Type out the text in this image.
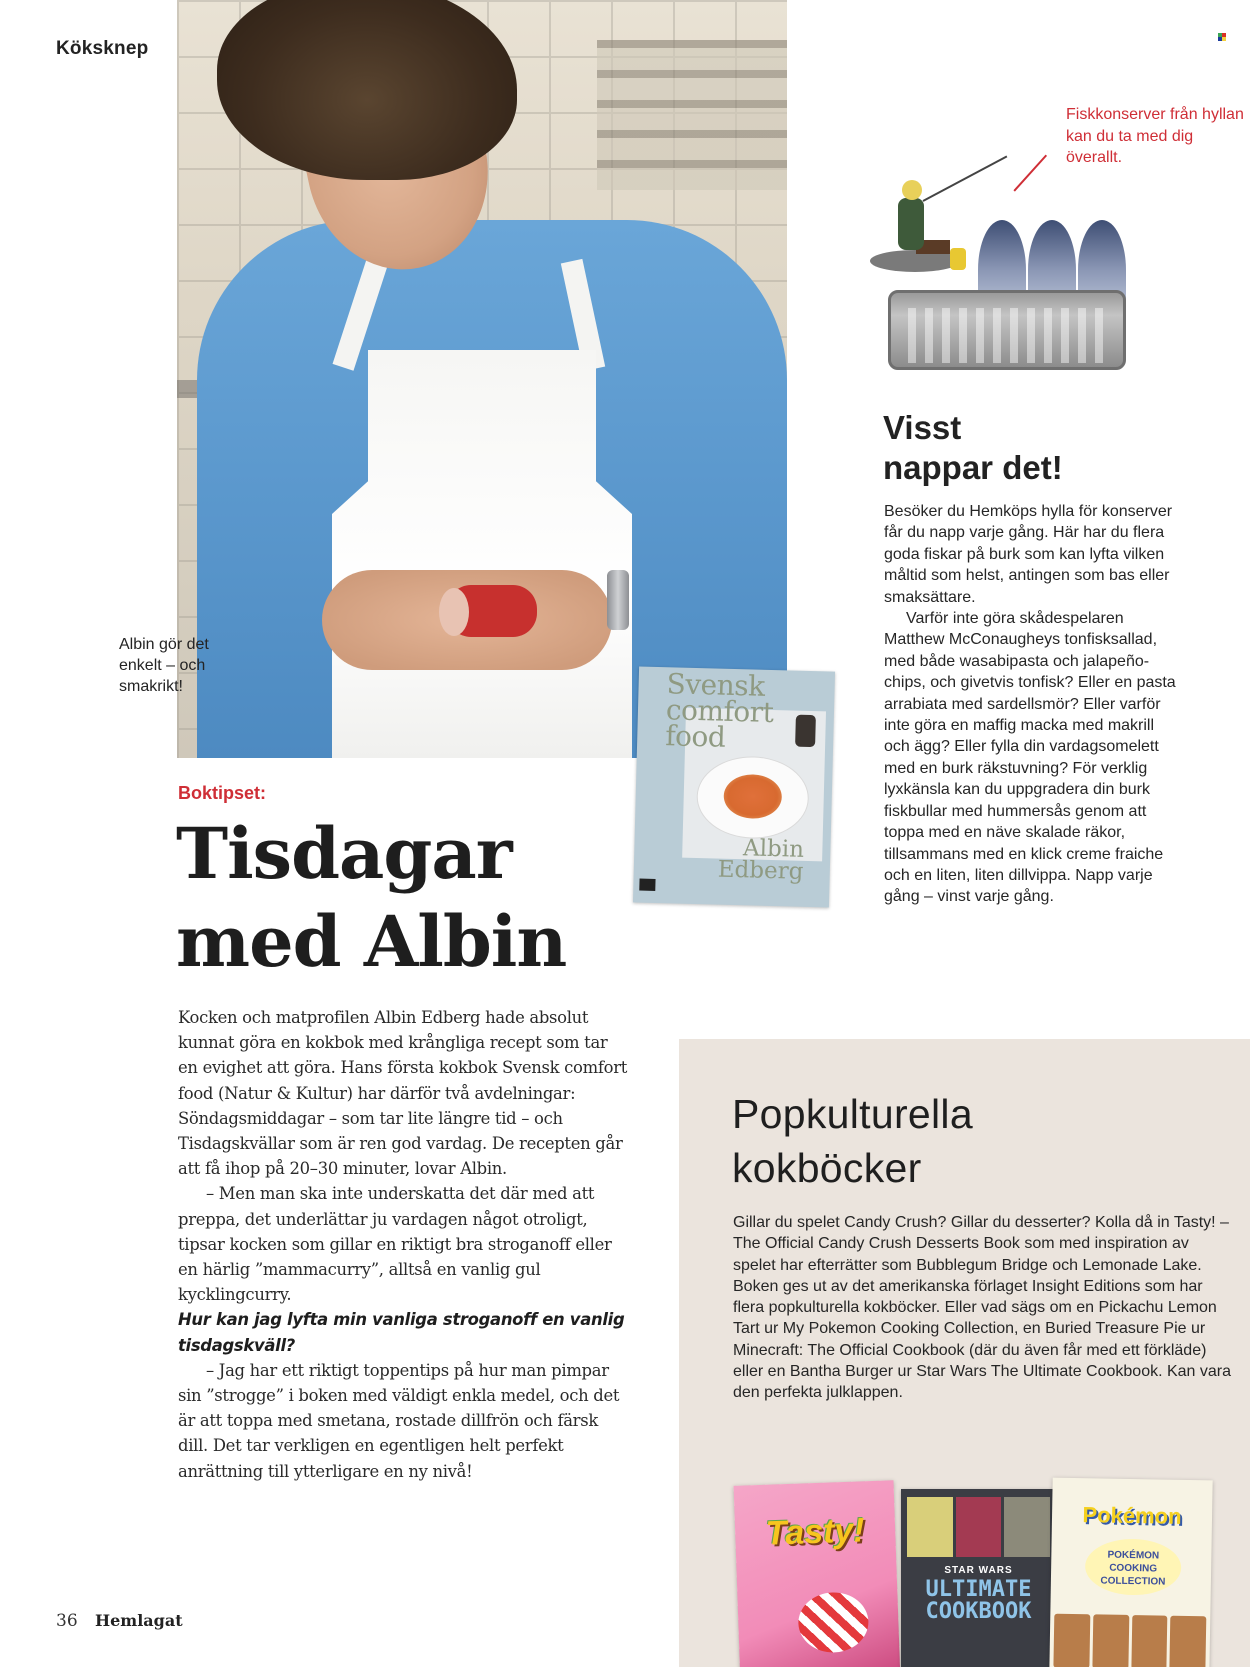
Köksknep
Albin gör det enkelt – och smakrikt!	Svensk
comfort
food
Albin
Edberg
Boktipset:
Tisdagar
med Albin

Kocken och matprofilen Albin Edberg hade absolut kunnat göra en kokbok med krångliga recept som tar en evighet att göra. Hans första kokbok Svensk comfort food (Natur & Kultur) har därför två avdelningar: Söndagsmiddagar – som tar lite längre tid – och Tisdagskvällar som är ren god vardag. De recepten går att få ihop på 20–30 minuter, lovar Albin.

– Men man ska inte underskatta det där med att preppa, det underlättar ju vardagen något otroligt, tipsar kocken som gillar en riktigt bra stroganoff eller en härlig ”mammacurry”, alltså en vanlig gul kycklingcurry.

Hur kan jag lyfta min vanliga stroganoff en vanlig tisdagskväll?

– Jag har ett riktigt toppentips på hur man pimpar sin ”strogge” i boken med väldigt enkla medel, och det är att toppa med smetana, rostade dillfrön och färsk dill. Det tar verkligen en egentligen helt perfekt anrättning till ytterligare en ny nivå!

Fiskkonserver från hyllan kan du ta med dig överallt.
Visst
nappar det!

Besöker du Hemköps hylla för konserver får du napp varje gång. Här har du flera goda fiskar på burk som kan lyfta vilken måltid som helst, antingen som bas eller smaksättare.

Varför inte göra skådespelaren Matthew McConaugheys tonfisksallad, med både wasabipasta och jalapeño-chips, och givetvis tonfisk? Eller en pasta arrabiata med sardellsmör? Eller varför inte göra en maffig macka med makrill och ägg? Eller fylla din vardagsomelett med en burk räkstuvning? För verklig lyxkänsla kan du uppgradera din burk fiskbullar med hummersås genom att toppa med en näve skalade räkor, tillsammans med en klick creme fraiche och en liten, liten dillvippa. Napp varje gång – vinst varje gång.

Popkulturella
kokböcker

Gillar du spelet Candy Crush? Gillar du desserter? Kolla då in Tasty! – The Official Candy Crush Desserts Book som med inspiration av spelet har efterrätter som Bubblegum Bridge och Lemonade Lake. Boken ges ut av det amerikanska förlaget Insight Editions som har flera popkulturella kokböcker. Eller vad sägs om en Pickachu Lemon Tart ur My Pokemon Cooking Collection, en Buried Treasure Pie ur Minecraft: The Official Cookbook (där du även får med ett förkläde) eller en Bantha Burger ur Star Wars The Ultimate Cookbook. Kan vara den perfekta julklappen.

Tasty!
STAR WARS
ULTIMATE COOKBOOK
Pokémon
POKÉMON COOKING COLLECTION
36 Hemlagat
